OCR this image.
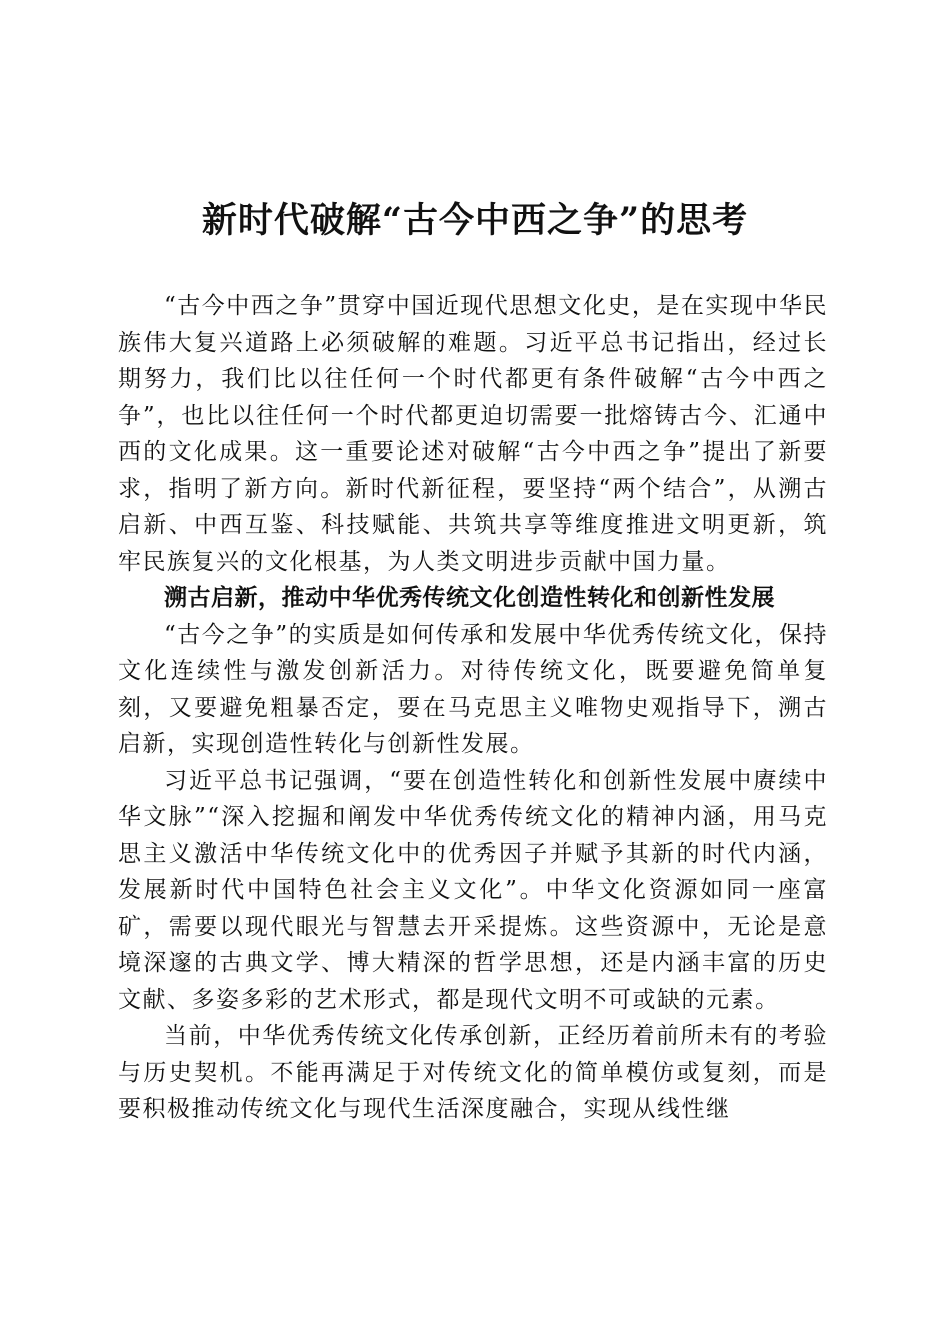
新时代破解“古今中西之争”的思考

“古今中西之争”贯穿中国近现代思想文化史，是在实现中华民族伟大复兴道路上必须破解的难题。习近平总书记指出，经过长期努力，我们比以往任何一个时代都更有条件破解“古今中西之争”，也比以往任何一个时代都更迫切需要一批熔铸古今、汇通中西的文化成果。这一重要论述对破解“古今中西之争”提出了新要求，指明了新方向。新时代新征程，要坚持“两个结合”，从溯古启新、中西互鉴、科技赋能、共筑共享等维度推进文明更新，筑牢民族复兴的文化根基，为人类文明进步贡献中国力量。

溯古启新，推动中华优秀传统文化创造性转化和创新性发展

“古今之争”的实质是如何传承和发展中华优秀传统文化，保持文化连续性与激发创新活力。对待传统文化，既要避免简单复刻，又要避免粗暴否定，要在马克思主义唯物史观指导下，溯古启新，实现创造性转化与创新性发展。

习近平总书记强调，“要在创造性转化和创新性发展中赓续中华文脉”“深入挖掘和阐发中华优秀传统文化的精神内涵，用马克思主义激活中华传统文化中的优秀因子并赋予其新的时代内涵，发展新时代中国特色社会主义文化”。中华文化资源如同一座富矿，需要以现代眼光与智慧去开采提炼。这些资源中，无论是意境深邃的古典文学、博大精深的哲学思想，还是内涵丰富的历史文献、多姿多彩的艺术形式，都是现代文明不可或缺的元素。

当前，中华优秀传统文化传承创新，正经历着前所未有的考验与历史契机。不能再满足于对传统文化的简单模仿或复刻，而是要积极推动传统文化与现代生活深度融合，实现从线性继
